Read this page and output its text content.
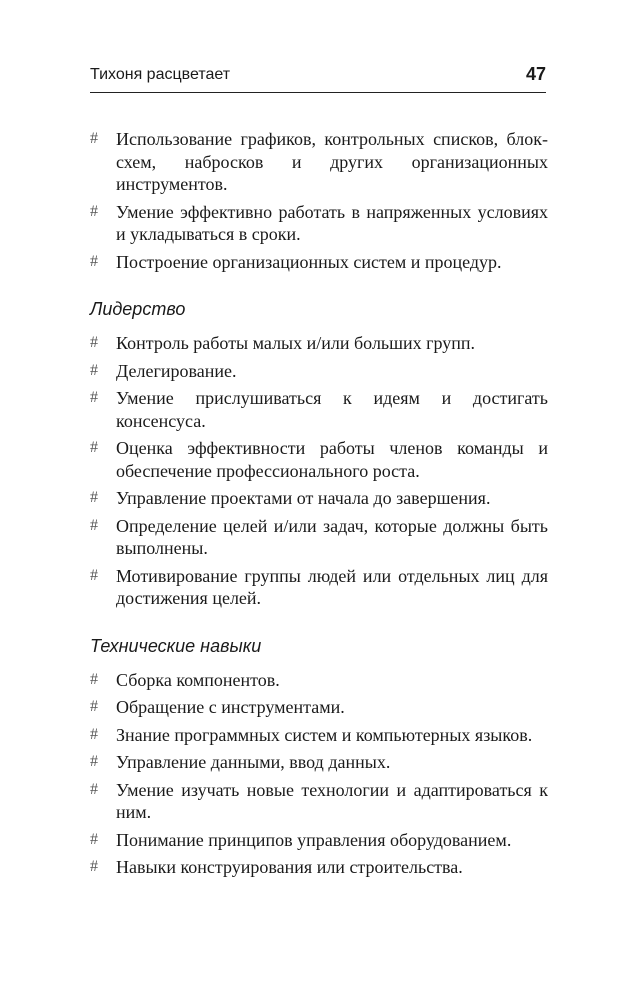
Тихоня расцветает	47
#	Использование графиков, контрольных списков, блок-схем, набросков и других организационных инструментов.
#	Умение эффективно работать в напряженных условиях и укладываться в сроки.
#	Построение организационных систем и процедур.
Лидерство
#	Контроль работы малых и/или больших групп.
#	Делегирование.
#	Умение прислушиваться к идеям и достигать консенсуса.
#	Оценка эффективности работы членов команды и обеспечение профессионального роста.
#	Управление проектами от начала до завершения.
#	Определение целей и/или задач, которые должны быть выполнены.
#	Мотивирование группы людей или отдельных лиц для достижения целей.
Технические навыки
#	Сборка компонентов.
#	Обращение с инструментами.
#	Знание программных систем и компьютерных языков.
#	Управление данными, ввод данных.
#	Умение изучать новые технологии и адаптироваться к ним.
#	Понимание принципов управления оборудованием.
#	Навыки конструирования или строительства.
